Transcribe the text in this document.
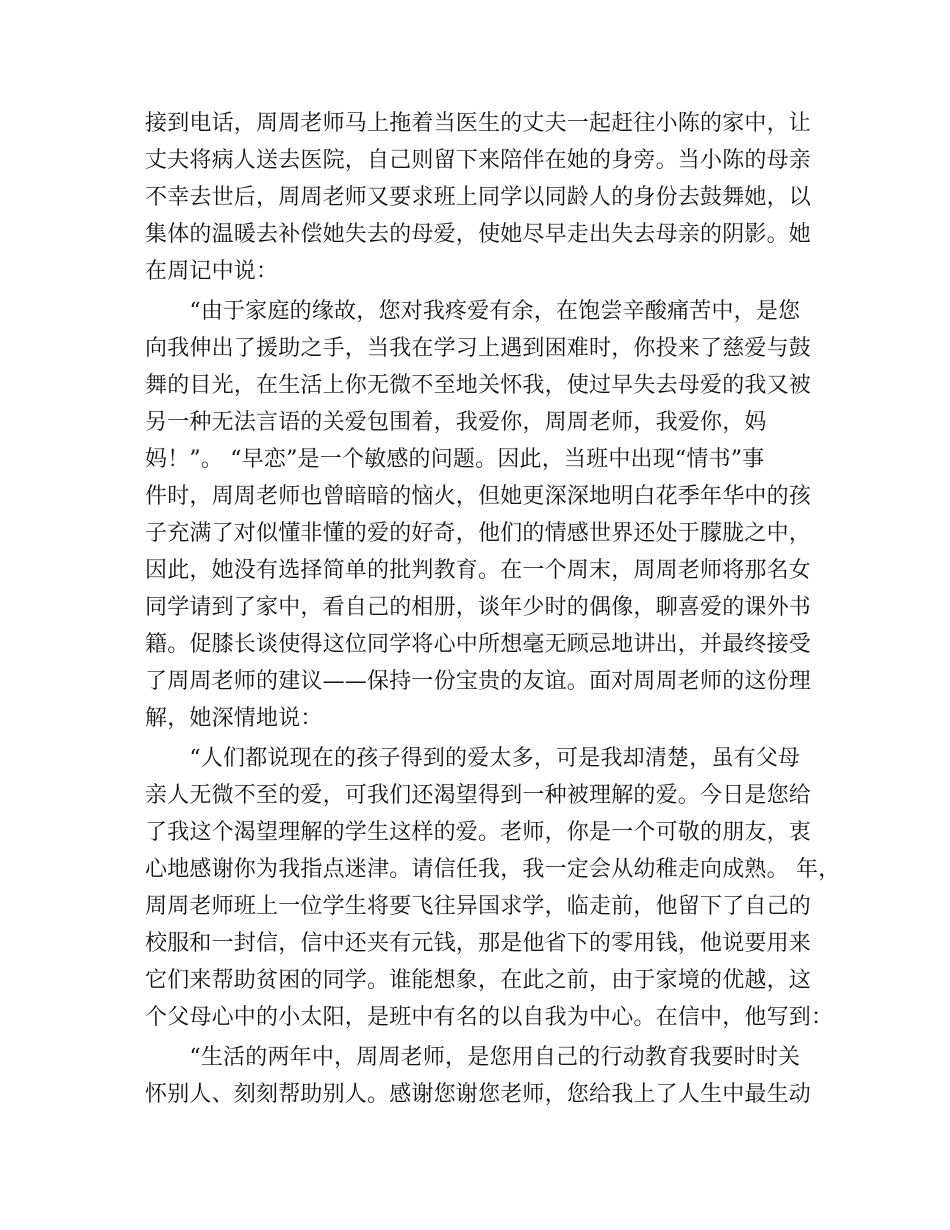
接到电话，周周老师马上拖着当医生的丈夫一起赶往小陈的家中，让
丈夫将病人送去医院，自己则留下来陪伴在她的身旁。当小陈的母亲
不幸去世后，周周老师又要求班上同学以同龄人的身份去鼓舞她，以
集体的温暖去补偿她失去的母爱，使她尽早走出失去母亲的阴影。她
在周记中说：
　　“由于家庭的缘故，您对我疼爱有余，在饱尝辛酸痛苦中，是您
向我伸出了援助之手，当我在学习上遇到困难时，你投来了慈爱与鼓
舞的目光，在生活上你无微不至地关怀我，使过早失去母爱的我又被
另一种无法言语的关爱包围着，我爱你，周周老师，我爱你，妈
妈！”。 “早恋”是一个敏感的问题。因此，当班中出现“情书”事
件时，周周老师也曾暗暗的恼火，但她更深深地明白花季年华中的孩
子充满了对似懂非懂的爱的好奇，他们的情感世界还处于朦胧之中，
因此，她没有选择简单的批判教育。在一个周末，周周老师将那名女
同学请到了家中，看自己的相册，谈年少时的偶像，聊喜爱的课外书
籍。促膝长谈使得这位同学将心中所想毫无顾忌地讲出，并最终接受
了周周老师的建议——保持一份宝贵的友谊。面对周周老师的这份理
解，她深情地说：
　　“人们都说现在的孩子得到的爱太多，可是我却清楚，虽有父母
亲人无微不至的爱，可我们还渴望得到一种被理解的爱。今日是您给
了我这个渴望理解的学生这样的爱。老师，你是一个可敬的朋友，衷
心地感谢你为我指点迷津。请信任我，我一定会从幼稚走向成熟。 年，
周周老师班上一位学生将要飞往异国求学，临走前，他留下了自己的
校服和一封信，信中还夹有元钱，那是他省下的零用钱，他说要用来
它们来帮助贫困的同学。谁能想象，在此之前，由于家境的优越，这
个父母心中的小太阳，是班中有名的以自我为中心。在信中，他写到：
　　“生活的两年中，周周老师，是您用自己的行动教育我要时时关
怀别人、刻刻帮助别人。感谢您谢您老师，您给我上了人生中最生动
